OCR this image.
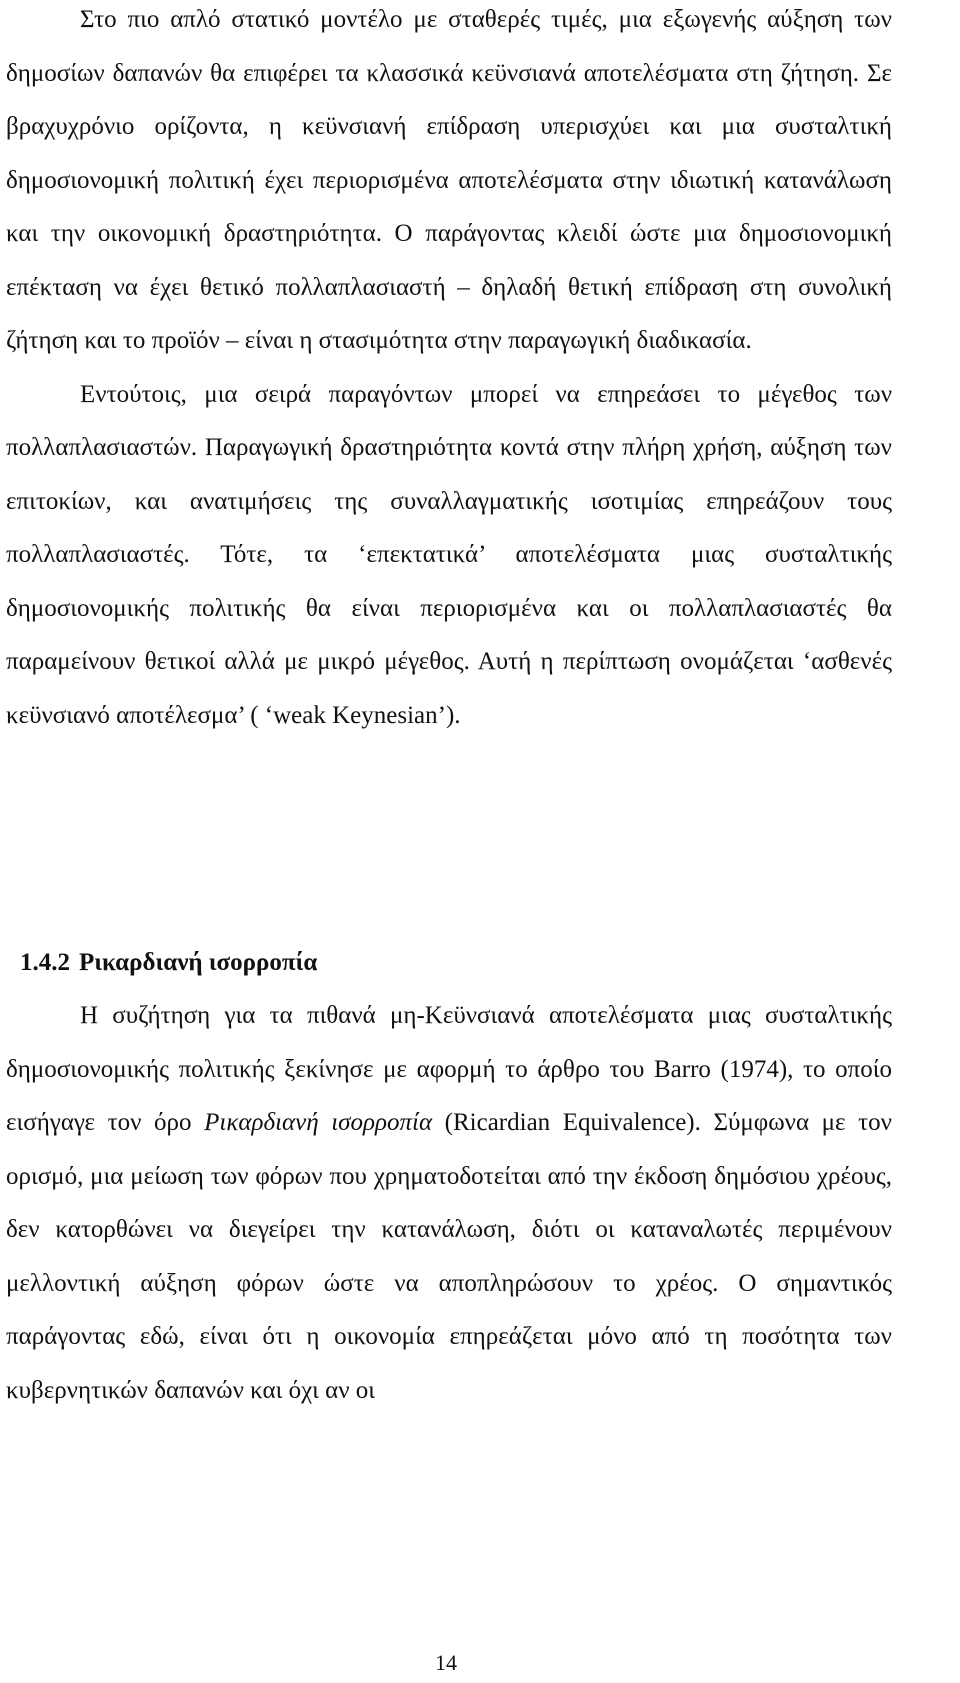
Στο πιο απλό στατικό μοντέλο με σταθερές τιμές, μια εξωγενής αύξηση των δημοσίων δαπανών θα επιφέρει τα κλασσικά κεϋνσιανά αποτελέσματα στη ζήτηση. Σε βραχυχρόνιο ορίζοντα, η κεϋνσιανή επίδραση υπερισχύει και μια συσταλτική δημοσιονομική πολιτική έχει περιορισμένα αποτελέσματα στην ιδιωτική κατανάλωση και την οικονομική δραστηριότητα. Ο παράγοντας κλειδί ώστε μια δημοσιονομική επέκταση να έχει θετικό πολλαπλασιαστή – δηλαδή θετική επίδραση στη συνολική ζήτηση και το προϊόν – είναι η στασιμότητα στην παραγωγική διαδικασία.

Εντούτοις, μια σειρά παραγόντων μπορεί να επηρεάσει το μέγεθος των πολλαπλασιαστών. Παραγωγική δραστηριότητα κοντά στην πλήρη χρήση, αύξηση των επιτοκίων, και ανατιμήσεις της συναλλαγματικής ισοτιμίας επηρεάζουν τους πολλαπλασιαστές. Τότε, τα ‘επεκτατικά’ αποτελέσματα μιας συσταλτικής δημοσιονομικής πολιτικής θα είναι περιορισμένα και οι πολλαπλασιαστές θα παραμείνουν θετικοί αλλά με μικρό μέγεθος. Αυτή η περίπτωση ονομάζεται ‘ασθενές κεϋνσιανό αποτέλεσμα’ ( ‘weak Keynesian’).

1.4.2 Ρικαρδιανή ισορροπία

Η συζήτηση για τα πιθανά μη-Κεϋνσιανά αποτελέσματα μιας συσταλτικής δημοσιονομικής πολιτικής ξεκίνησε με αφορμή το άρθρο του Barro (1974), το οποίο εισήγαγε τον όρο Ρικαρδιανή ισορροπία (Ricardian Equivalence). Σύμφωνα με τον ορισμό, μια μείωση των φόρων που χρηματοδοτείται από την έκδοση δημόσιου χρέους, δεν κατορθώνει να διεγείρει την κατανάλωση, διότι οι καταναλωτές περιμένουν μελλοντική αύξηση φόρων ώστε να αποπληρώσουν το χρέος. Ο σημαντικός παράγοντας εδώ, είναι ότι η οικονομία επηρεάζεται μόνο από τη ποσότητα των κυβερνητικών δαπανών και όχι αν οι

14
